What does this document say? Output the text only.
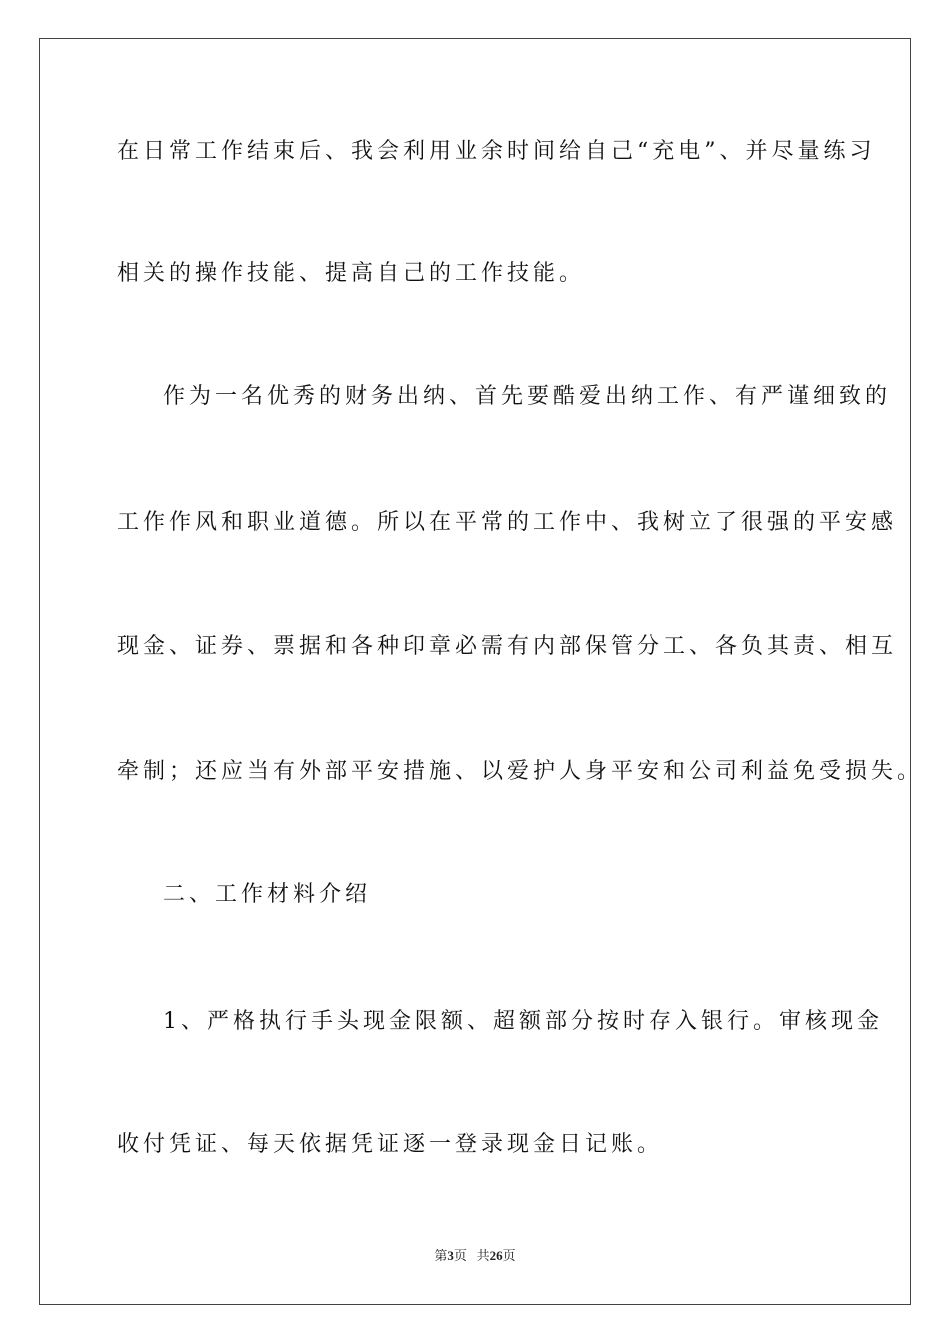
在日常工作结束后、我会利用业余时间给自己“充电”、并尽量练习
相关的操作技能、提高自己的工作技能。
作为一名优秀的财务出纳、首先要酷爱出纳工作、有严谨细致的
工作作风和职业道德。所以在平常的工作中、我树立了很强的平安感
现金、证券、票据和各种印章必需有内部保管分工、各负其责、相互
牵制；还应当有外部平安措施、以爱护人身平安和公司利益免受损失。
二、工作材料介绍
1、严格执行手头现金限额、超额部分按时存入银行。审核现金
收付凭证、每天依据凭证逐一登录现金日记账。
第3页 共26页
